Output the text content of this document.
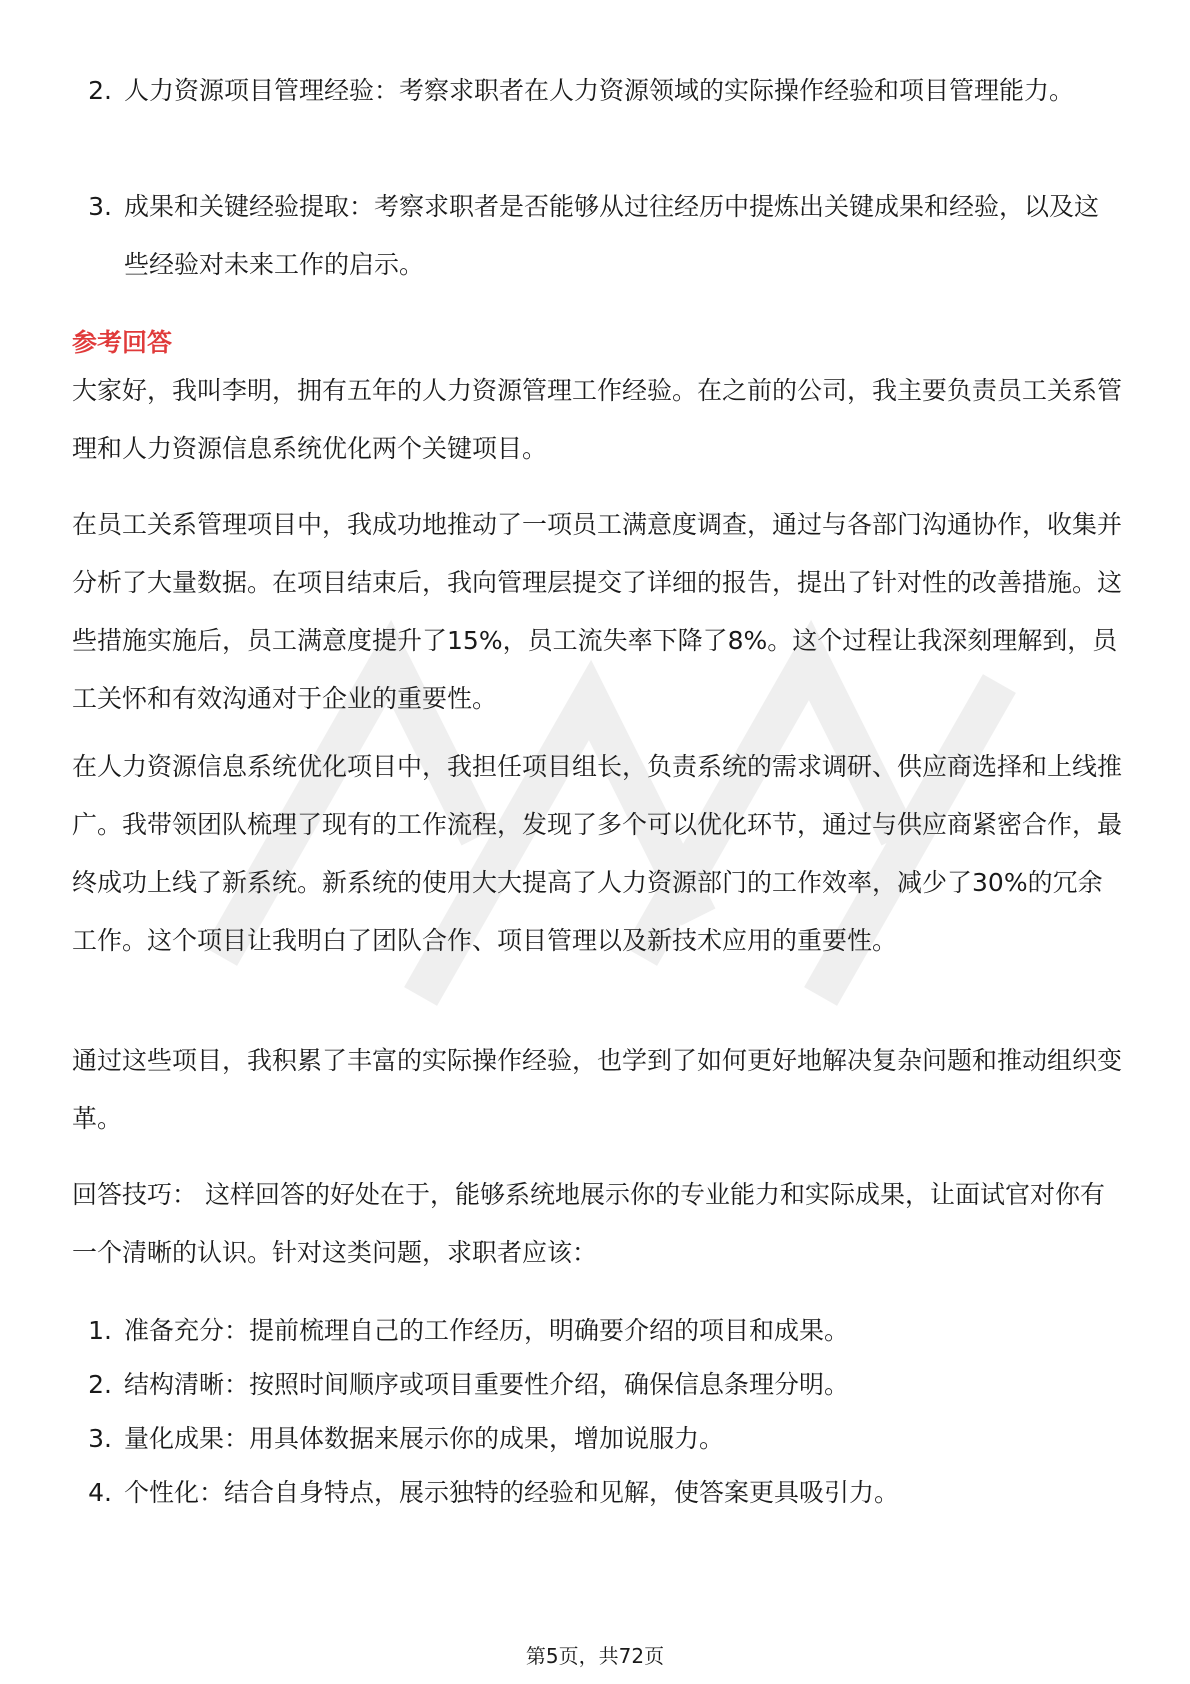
2. 人力资源项目管理经验：考察求职者在人力资源领域的实际操作经验和项目管理能力。
3. 成果和关键经验提取：考察求职者是否能够从过往经历中提炼出关键成果和经验，以及这些经验对未来工作的启示。
参考回答

大家好，我叫李明，拥有五年的人力资源管理工作经验。在之前的公司，我主要负责员工关系管理和人力资源信息系统优化两个关键项目。

在员工关系管理项目中，我成功地推动了一项员工满意度调查，通过与各部门沟通协作，收集并分析了大量数据。在项目结束后，我向管理层提交了详细的报告，提出了针对性的改善措施。这些措施实施后，员工满意度提升了15%，员工流失率下降了8%。这个过程让我深刻理解到，员工关怀和有效沟通对于企业的重要性。

在人力资源信息系统优化项目中，我担任项目组长，负责系统的需求调研、供应商选择和上线推广。我带领团队梳理了现有的工作流程，发现了多个可以优化环节，通过与供应商紧密合作，最终成功上线了新系统。新系统的使用大大提高了人力资源部门的工作效率，减少了30%的冗余工作。这个项目让我明白了团队合作、项目管理以及新技术应用的重要性。

通过这些项目，我积累了丰富的实际操作经验，也学到了如何更好地解决复杂问题和推动组织变革。

回答技巧： 这样回答的好处在于，能够系统地展示你的专业能力和实际成果，让面试官对你有一个清晰的认识。针对这类问题，求职者应该：

1. 准备充分：提前梳理自己的工作经历，明确要介绍的项目和成果。
2. 结构清晰：按照时间顺序或项目重要性介绍，确保信息条理分明。
3. 量化成果：用具体数据来展示你的成果，增加说服力。
4. 个性化：结合自身特点，展示独特的经验和见解，使答案更具吸引力。
第5页，共72页
